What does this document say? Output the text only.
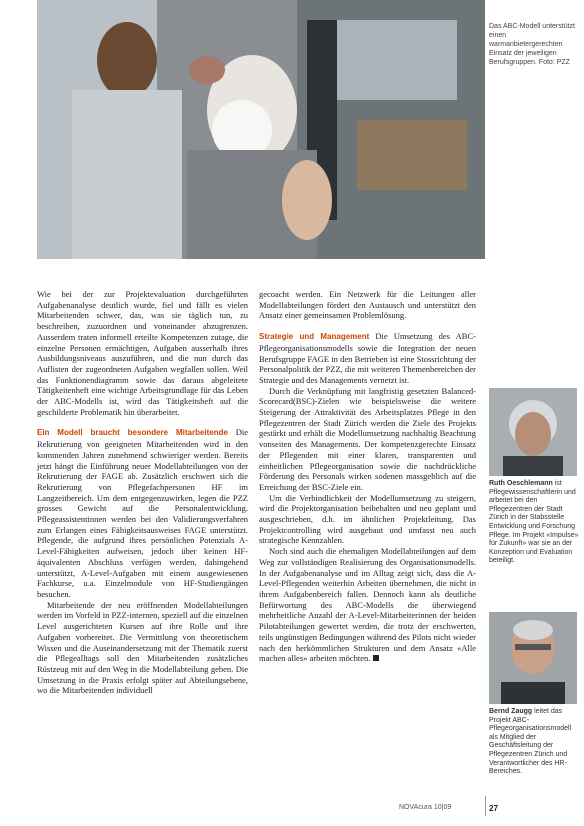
Das ABC-Modell unterstützt einen warmanbietergerechten Einsatz der jeweiligen Berufsgruppen. Foto: PZZ

Wie bei der zur Projektevaluation durchgeführten Aufgabenanalyse deutlich wurde, fiel und fällt es vielen Mitarbeitenden schwer, das, was sie täglich tun, zu beschreiben, zuzuordnen und voneinander abzugrenzen. Ausserdem traten informell erteilte Kompetenzen zutage, die einzelne Personen ermächtigen, Aufgaben ausserhalb ihres Ausbildungsniveaus auszuführen, und die nun durch das Auflisten der zugeordneten Aufgaben wegfallen sollen. Weil das Funktionendiagramm sowie das daraus abgeleitete Tätigkeitenheft eine wichtige Arbeitsgrundlage für das Leben der ABC-Modells ist, wird das Tätigkeitsheft auf die geschilderte Problematik hin überarbeitet.

Ein Modell braucht besondere Mitarbeitende Die Rekrutierung von geeigneten Mitarbeitenden wird in den kommenden Jahren zunehmend schwieriger werden. Bereits jetzt hängt die Einführung neuer Modellabteilungen von der Rekrutierung der FAGE ab. Zusätzlich erschwert sich die Rekrutierung von Pflegefachpersonen HF im Langzeitbereich. Um dem entgegenzuwirken, legen die PZZ grosses Gewicht auf die Personalentwicklung. Pflegeassistentinnen werden bei den Validierungsverfahren zum Erlangen eines Fähigkeitsausweises FAGE unterstützt. Pflegende, die aufgrund ihres persönlichen Potenzials A-Level-Fähigkeiten aufweisen, jedoch über keinen HF-äquivalenten Abschluss verfügen werden, dahingehend unterstützt, A-Level-Aufgaben mit einem ausgewiesenen Fachkurse, u.a. Einzelmodule von HF-Studiengängen besuchen.

Mitarbeitende der neu eröffnenden Modellabteilungen werden im Vorfeld in PZZ-internen, speziell auf die einzelnen Level ausgerichteten Kursen auf ihre Rolle und ihre Aufgaben vorbereitet. Die Vermittlung von theoretischem Wissen und die Auseinandersetzung mit der Thematik zuerst die Pflegealltags soll den Mitarbeitenden zusätzliches Rüstzeug mit auf den Weg in die Modellabteilung geben. Die Umsetzung in die Praxis erfolgt später auf Abteilungsebene, wo die Mitarbeitenden individuell

gecoacht werden. Ein Netzwerk für die Leitungen aller Modellabteilungen fördert den Austausch und unterstützt den Ansatz einer gemeinsamen Problemlösung.

Strategie und Management Die Umsetzung des ABC-Pflegeorganisationsmodells sowie die Integration der neuen Berufsgruppe FAGE in den Betrieben ist eine Stossrichtung der Personalpolitik der PZZ, die mit weiteren Themenbereichen der Strategie und des Managements vernetzt ist.

Durch die Verknüpfung mit langfristig gesetzten Balanced-Scorecard(BSC)-Zielen wie beispielsweise die weitere Steigerung der Attraktivität des Arbeitsplatzes Pflege in den Pflegezentren der Stadt Zürich werden die Ziele des Projekts gestärkt und erhält die Modellumsetzung nachhaltig Beachtung vonseiten des Managements. Der kompetenzgerechte Einsatz der Pflegenden mit einer klaren, transparenten und einheitlichen Pflegeorganisation sowie die nachdrückliche Förderung des Personals wirken sodenen massgeblich auf die Erreichung der BSC-Ziele ein.

Um die Verbindlichkeit der Modellumsetzung zu steigern, wird die Projektorganisation beibehalten und neu geplant und ausgeschrieben, d.h. im ähnlichen Projektleitung. Das Projektcontrolling wird ausgebaut und umfasst neu auch strategische Kennzahlen.

Noch sind auch die ehemaligen Modellabteilungen auf dem Weg zur vollständigen Realisierung des Organisationsmodells. In der Aufgabenanalyse und im Alltag zeigt sich, dass die A-Level-Pflegenden weiterhin Arbeiten übernehmen, die nicht in ihrem Aufgabenbereich fallen. Dennoch kann als deutliche Befürwortung des ABC-Modells die überwiegend mehrheitliche Anzahl der A-Level-Mitarbeiterinnen der beiden Pilotabteilungen gewertet werden, die trotz der erschwerten, teils ungünstigen Bedingungen während des Pilots nicht wieder nach den herkömmlichen Strukturen und dem Ansatz «Alle machen alles» arbeiten möchten.

Ruth Oeschlemann ist Pflegewissenschaftlerin und arbeitet bei den Pflegezentren der Stadt Zürich in der Stabsstelle Entwicklung und Forschung Pflege. Im Projekt «Impulse» für Zukunft» war sie an der Konzeption und Evaluation beteiligt.
Bernd Zaugg leitet das Projekt ABC-Pflegeorganisationsmodell als Mitglied der Geschäftsleitung der Pflegezentren Zürich und Verantwortlicher des HR-Bereiches.
NOVAcura 10|09	27
